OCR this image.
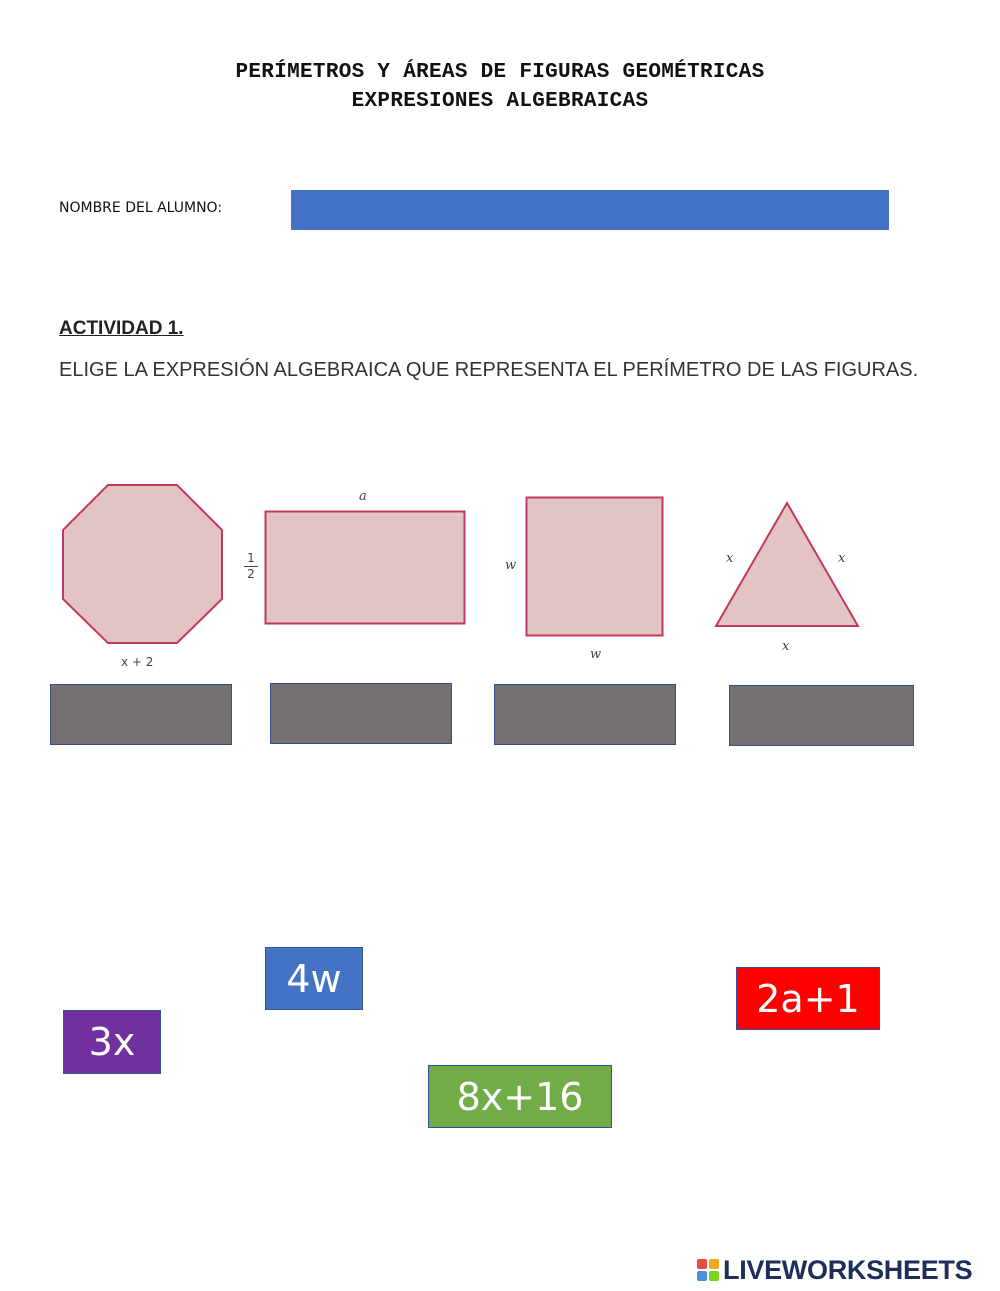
PERÍMETROS Y ÁREAS DE FIGURAS GEOMÉTRICAS
EXPRESIONES ALGEBRAICAS
NOMBRE DEL ALUMNO:
ACTIVIDAD 1.
ELIGE LA EXPRESIÓN ALGEBRAICA QUE REPRESENTA EL PERÍMETRO DE LAS FIGURAS.
x + 2
a
$\frac{1}{2}$	w
w
x	x
x
4w
3x
8x+16
2a+1
LIVEWORKSHEETS
